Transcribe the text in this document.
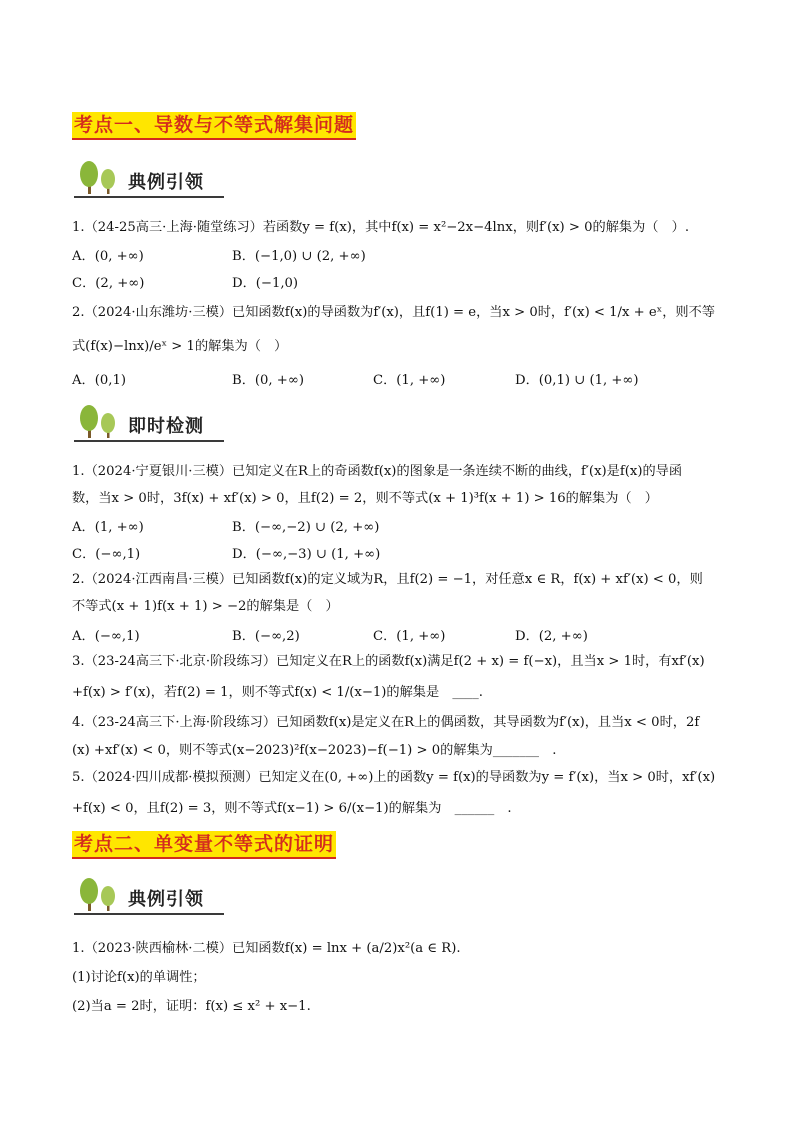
考点一、导数与不等式解集问题
典例引领
1.（24-25高三·上海·随堂练习）若函数y = f(x)，其中f(x) = x²−2x−4lnx，则f′(x) > 0的解集为（　）.
A．(0, +∞)	B．(−1,0) ∪ (2, +∞)
C．(2, +∞)	D．(−1,0)
2.（2024·山东潍坊·三模）已知函数f(x)的导函数为f′(x)，且f(1) = e，当x > 0时，f′(x) < 1/x + eˣ，则不等
式(f(x)−lnx)/eˣ > 1的解集为（　）
A．(0,1)	B．(0, +∞)	C．(1, +∞)	D．(0,1) ∪ (1, +∞)
即时检测
1.（2024·宁夏银川·三模）已知定义在R上的奇函数f(x)的图象是一条连续不断的曲线，f′(x)是f(x)的导函
数，当x > 0时，3f(x) + xf′(x) > 0，且f(2) = 2，则不等式(x + 1)³f(x + 1) > 16的解集为（　）
A．(1, +∞)	B．(−∞,−2) ∪ (2, +∞)
C．(−∞,1)	D．(−∞,−3) ∪ (1, +∞)
2.（2024·江西南昌·三模）已知函数f(x)的定义域为R，且f(2) = −1，对任意x ∈ R，f(x) + xf′(x) < 0，则
不等式(x + 1)f(x + 1) > −2的解集是（　）
A．(−∞,1)	B．(−∞,2)	C．(1, +∞)	D．(2, +∞)
3.（23-24高三下·北京·阶段练习）已知定义在R上的函数f(x)满足f(2 + x) = f(−x)，且当x > 1时，有xf′(x)
+f(x) > f′(x)，若f(2) = 1，则不等式f(x) < 1/(x−1)的解集是　____.
4.（23-24高三下·上海·阶段练习）已知函数f(x)是定义在R上的偶函数，其导函数为f′(x)，且当x < 0时，2f
(x) +xf′(x) < 0，则不等式(x−2023)²f(x−2023)−f(−1) > 0的解集为_______　.
5.（2024·四川成都·模拟预测）已知定义在(0, +∞)上的函数y = f(x)的导函数为y = f′(x)，当x > 0时，xf′(x)
+f(x) < 0，且f(2) = 3，则不等式f(x−1) > 6/(x−1)的解集为　______　.
考点二、单变量不等式的证明
典例引领
1.（2023·陕西榆林·二模）已知函数f(x) = lnx + (a/2)x²(a ∈ R).
(1)讨论f(x)的单调性；
(2)当a = 2时，证明：f(x) ≤ x² + x−1.
